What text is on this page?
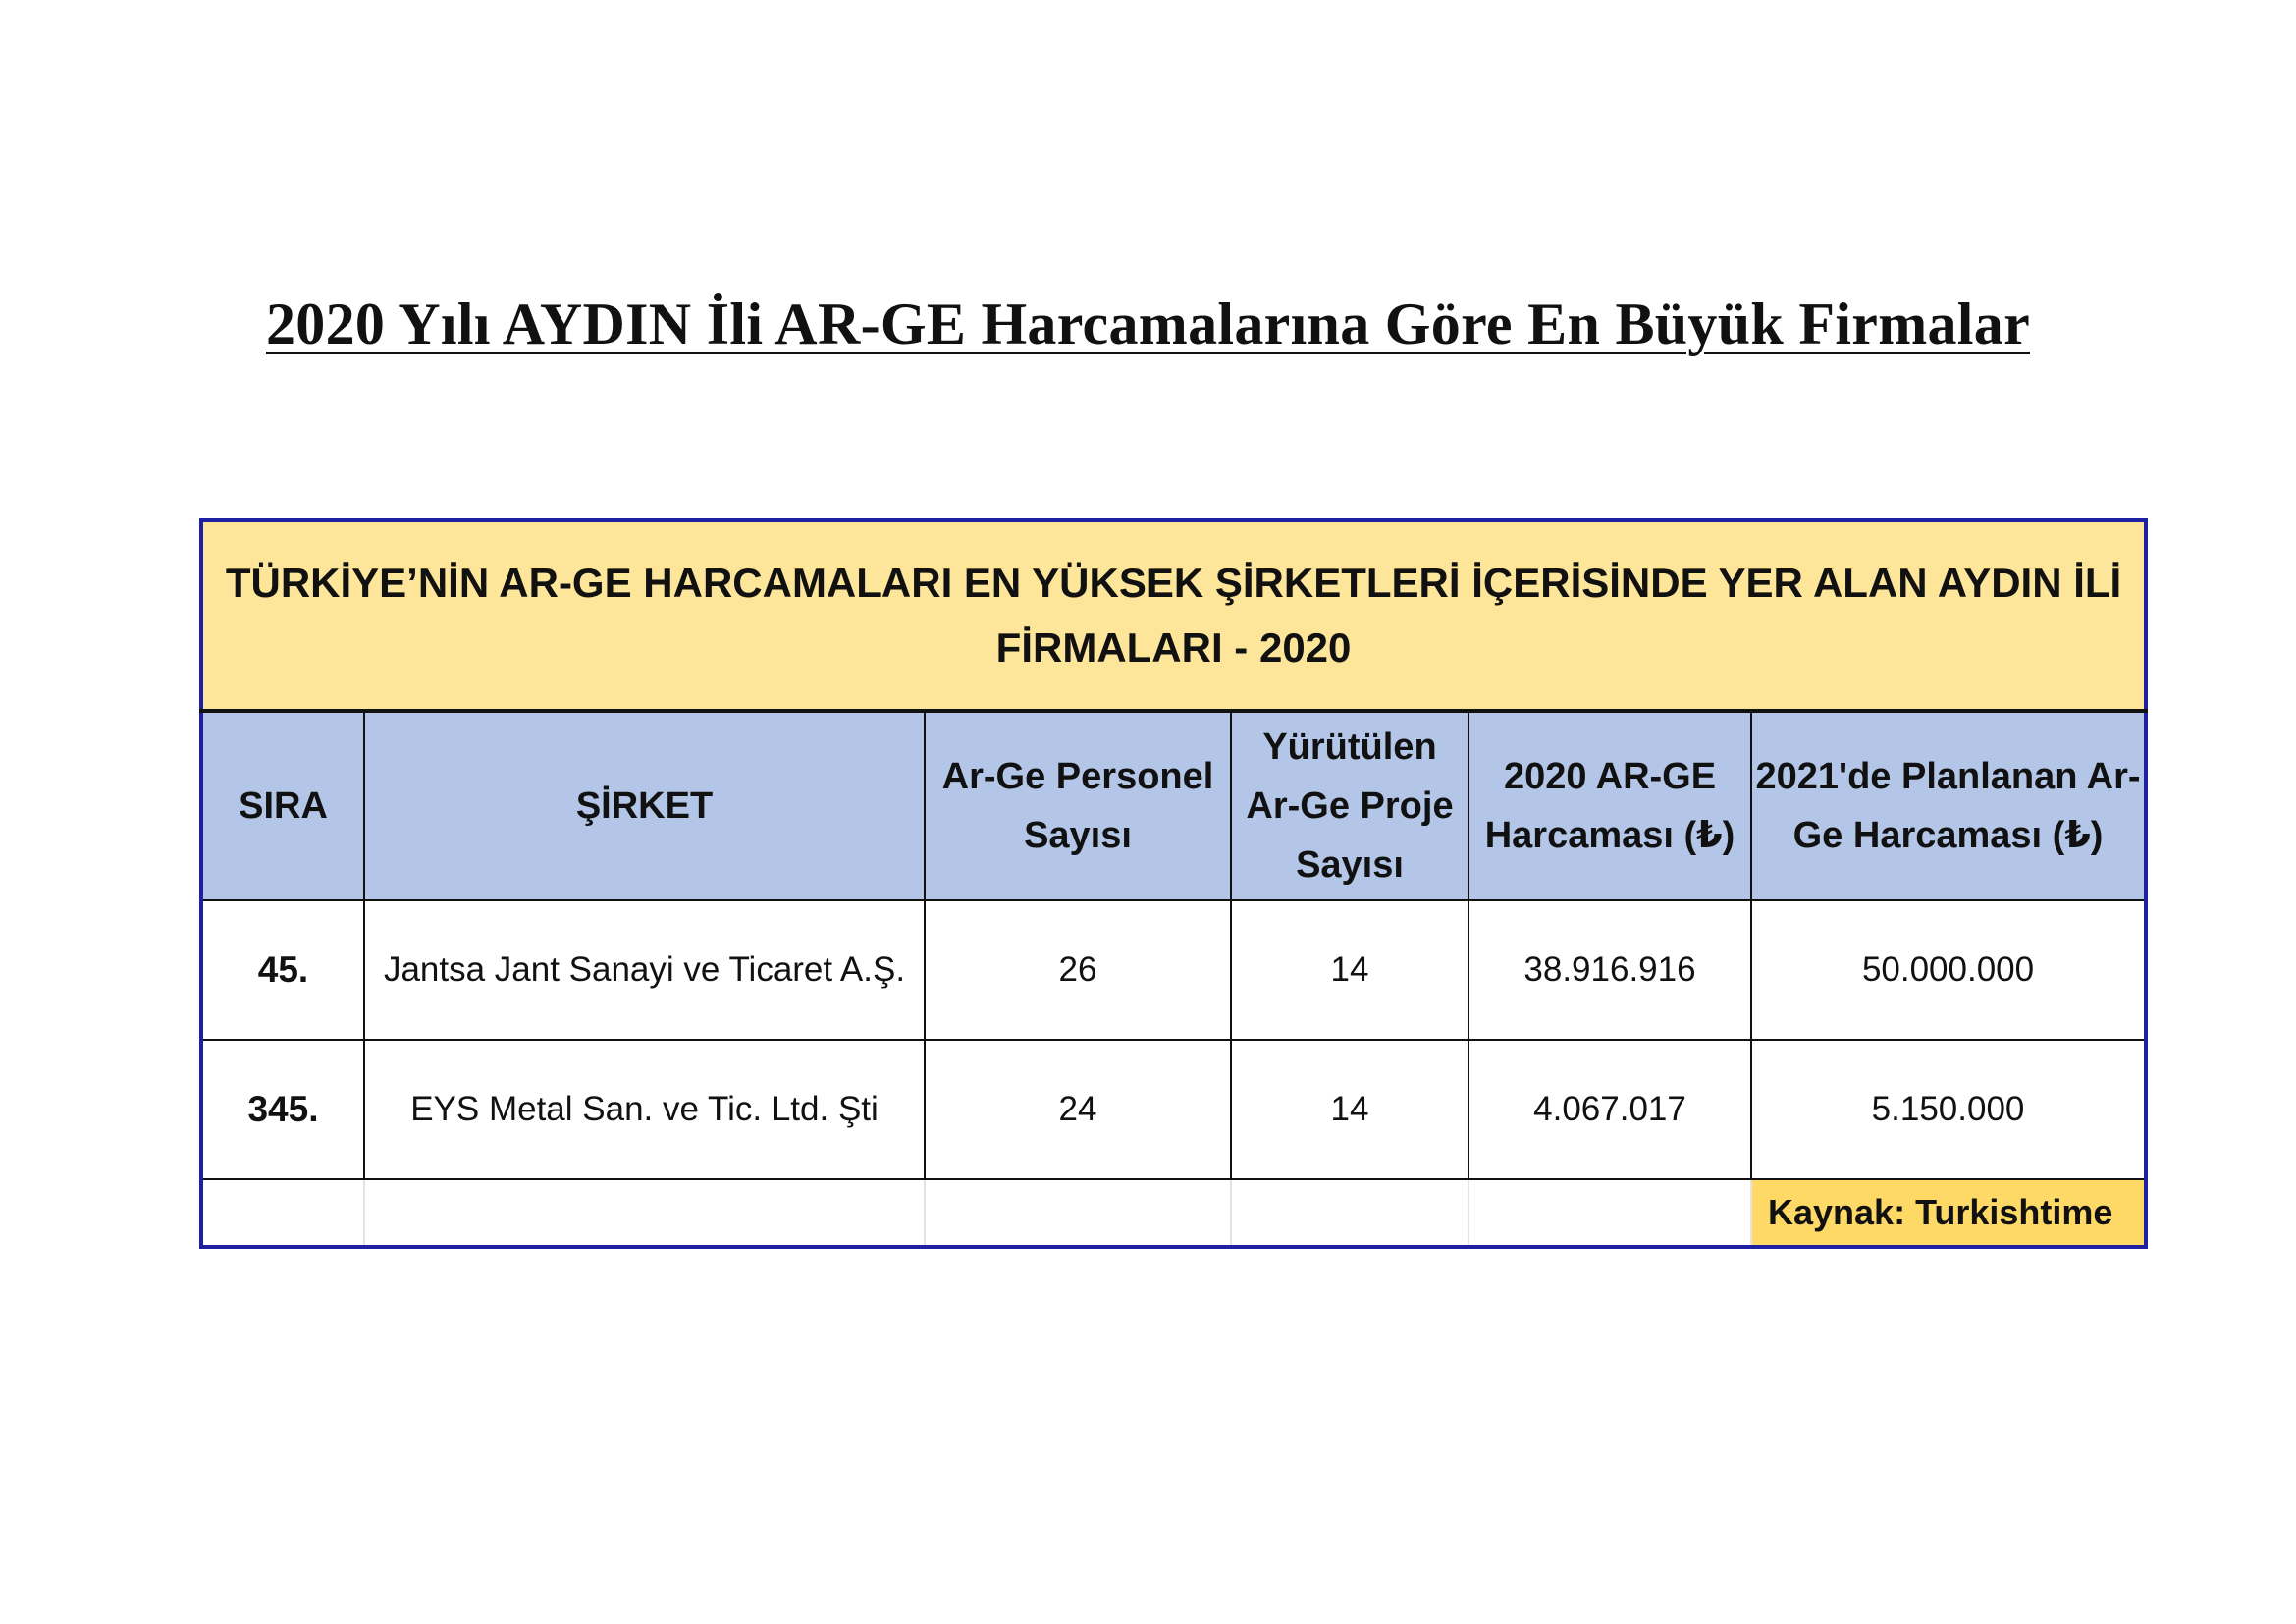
2020 Yılı AYDIN İli AR-GE Harcamalarına Göre En Büyük Firmalar
TÜRKİYE’NİN AR-GE HARCAMALARI EN YÜKSEK ŞİRKETLERİ İÇERİSİNDE YER ALAN AYDIN İLİ FİRMALARI - 2020					

SIRA	ŞİRKET	Ar-Ge Personel Sayısı	Yürütülen Ar-Ge Proje Sayısı	2020 AR-GE Harcaması (₺)	2021'de Planlanan Ar-Ge Harcaması (₺)
45.	Jantsa Jant Sanayi ve Ticaret A.Ş.	26	14	38.916.916	50.000.000
345.	EYS Metal San. ve Tic. Ltd. Şti	24	14	4.067.017	5.150.000
					Kaynak: Turkishtime
